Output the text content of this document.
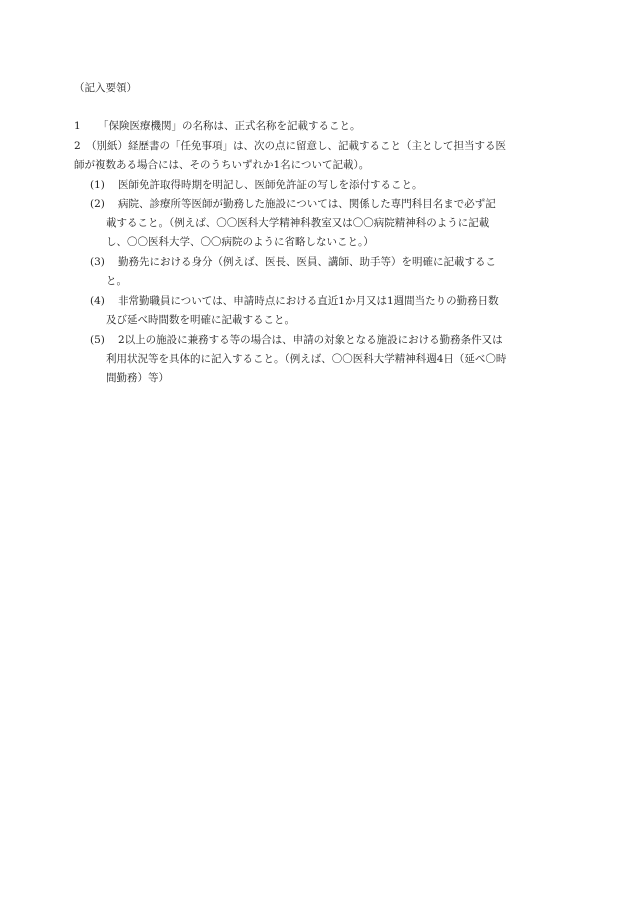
（記入要領）
1 「保険医療機関」の名称は、正式名称を記載すること。
2 （別紙）経歴書の「任免事項」は、次の点に留意し、記載すること（主として担当する医
師が複数ある場合には、そのうちいずれか1名について記載）。
(1) 医師免許取得時期を明記し、医師免許証の写しを添付すること。
(2) 病院、診療所等医師が勤務した施設については、関係した専門科目名まで必ず記
載すること。（例えば、〇〇医科大学精神科教室又は〇〇病院精神科のように記載
し、〇〇医科大学、〇〇病院のように省略しないこと。）
(3) 勤務先における身分（例えば、医長、医員、講師、助手等）を明確に記載するこ
と。
(4) 非常勤職員については、申請時点における直近1か月又は1週間当たりの勤務日数
及び延べ時間数を明確に記載すること。
(5) 2以上の施設に兼務する等の場合は、申請の対象となる施設における勤務条件又は
利用状況等を具体的に記入すること。（例えば、〇〇医科大学精神科週4日（延べ〇時
間勤務）等）
